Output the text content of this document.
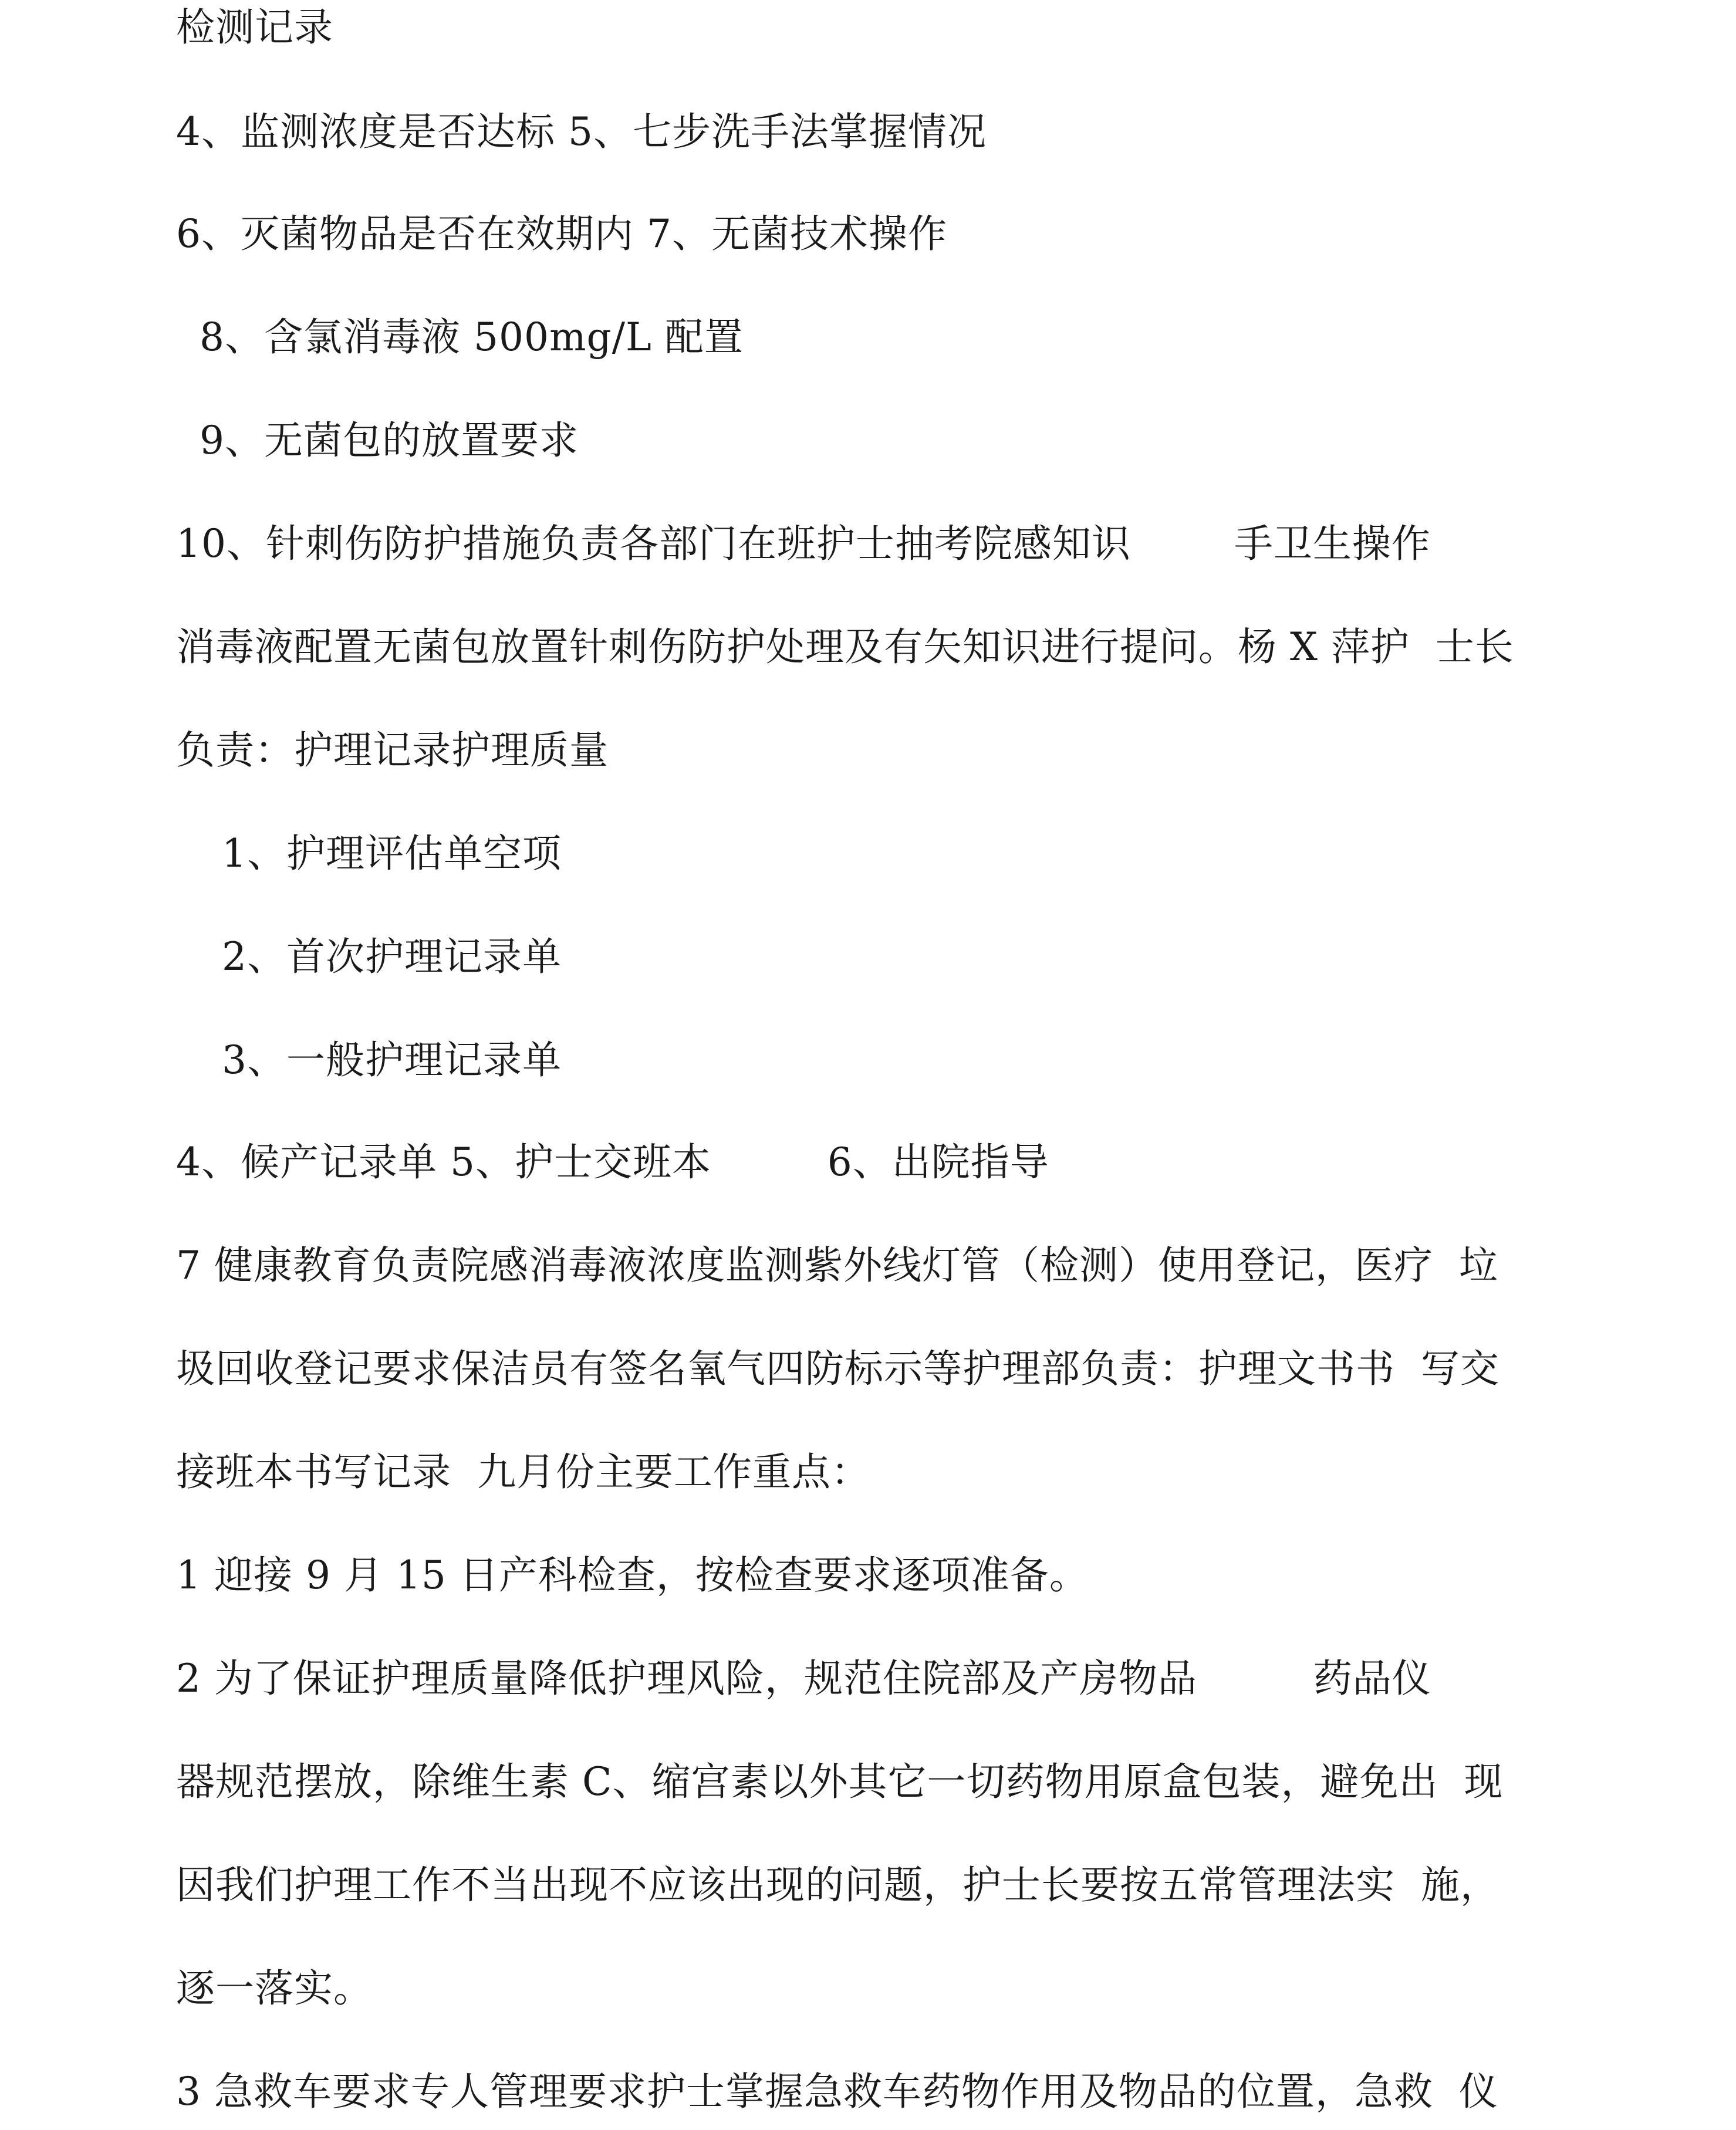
检测记录
4、监测浓度是否达标 5、七步洗手法掌握情况
6、灭菌物品是否在效期内 7、无菌技术操作
8、含氯消毒液 500mg/L 配置
9、无菌包的放置要求
10、针刺伤防护措施负责各部门在班护士抽考院感知识        手卫生操作
消毒液配置无菌包放置针刺伤防护处理及有矢知识进行提问。杨 X 萍护  士长
负责：护理记录护理质量
1、护理评估单空项
2、首次护理记录单
3、一般护理记录单
4、候产记录单 5、护士交班本         6、出院指导
7 健康教育负责院感消毒液浓度监测紫外线灯管（检测）使用登记，医疗  垃
圾回收登记要求保洁员有签名氧气四防标示等护理部负责：护理文书书  写交
接班本书写记录  九月份主要工作重点：
1 迎接 9 月 15 日产科检查，按检查要求逐项准备。
2 为了保证护理质量降低护理风险，规范住院部及产房物品         药品仪
器规范摆放，除维生素 C、缩宫素以外其它一切药物用原盒包装，避免出  现
因我们护理工作不当出现不应该出现的问题，护士长要按五常管理法实  施，
逐一落实。
3 急救车要求专人管理要求护士掌握急救车药物作用及物品的位置，急救  仪
